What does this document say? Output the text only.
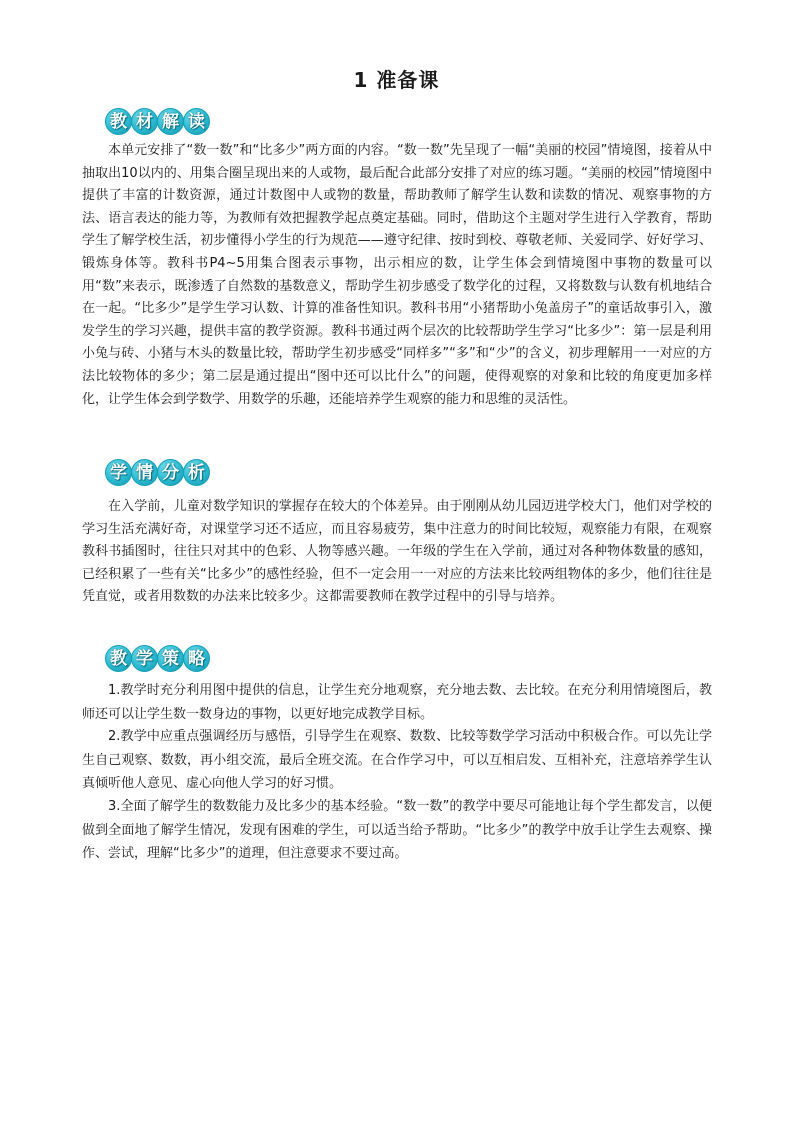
1 准备课
教 材 解 读

本单元安排了“数一数”和“比多少”两方面的内容。“数一数”先呈现了一幅“美丽的校园”情境图，接着从中抽取出10以内的、用集合圈呈现出来的人或物，最后配合此部分安排了对应的练习题。“美丽的校园”情境图中提供了丰富的计数资源，通过计数图中人或物的数量，帮助教师了解学生认数和读数的情况、观察事物的方法、语言表达的能力等，为教师有效把握教学起点奠定基础。同时，借助这个主题对学生进行入学教育，帮助学生了解学校生活，初步懂得小学生的行为规范——遵守纪律、按时到校、尊敬老师、关爱同学、好好学习、锻炼身体等。教科书P4~5用集合图表示事物，出示相应的数，让学生体会到情境图中事物的数量可以用“数”来表示，既渗透了自然数的基数意义，帮助学生初步感受了数学化的过程，又将数数与认数有机地结合在一起。“比多少”是学生学习认数、计算的准备性知识。教科书用“小猪帮助小兔盖房子”的童话故事引入，激发学生的学习兴趣，提供丰富的教学资源。教科书通过两个层次的比较帮助学生学习“比多少”：第一层是利用小兔与砖、小猪与木头的数量比较，帮助学生初步感受“同样多”“多”和“少”的含义，初步理解用一一对应的方法比较物体的多少；第二层是通过提出“图中还可以比什么”的问题，使得观察的对象和比较的角度更加多样化，让学生体会到学数学、用数学的乐趣，还能培养学生观察的能力和思维的灵活性。

学 情 分 析

在入学前，儿童对数学知识的掌握存在较大的个体差异。由于刚刚从幼儿园迈进学校大门，他们对学校的学习生活充满好奇，对课堂学习还不适应，而且容易疲劳，集中注意力的时间比较短，观察能力有限，在观察教科书插图时，往往只对其中的色彩、人物等感兴趣。一年级的学生在入学前，通过对各种物体数量的感知，已经积累了一些有关“比多少”的感性经验，但不一定会用一一对应的方法来比较两组物体的多少，他们往往是凭直觉，或者用数数的办法来比较多少。这都需要教师在教学过程中的引导与培养。

教 学 策 略

1.教学时充分利用图中提供的信息，让学生充分地观察，充分地去数、去比较。在充分利用情境图后，教师还可以让学生数一数身边的事物，以更好地完成教学目标。

2.教学中应重点强调经历与感悟，引导学生在观察、数数、比较等数学学习活动中积极合作。可以先让学生自己观察、数数，再小组交流，最后全班交流。在合作学习中，可以互相启发、互相补充，注意培养学生认真倾听他人意见、虚心向他人学习的好习惯。

3.全面了解学生的数数能力及比多少的基本经验。“数一数”的教学中要尽可能地让每个学生都发言，以便做到全面地了解学生情况，发现有困难的学生，可以适当给予帮助。“比多少”的教学中放手让学生去观察、操作、尝试，理解“比多少”的道理，但注意要求不要过高。
